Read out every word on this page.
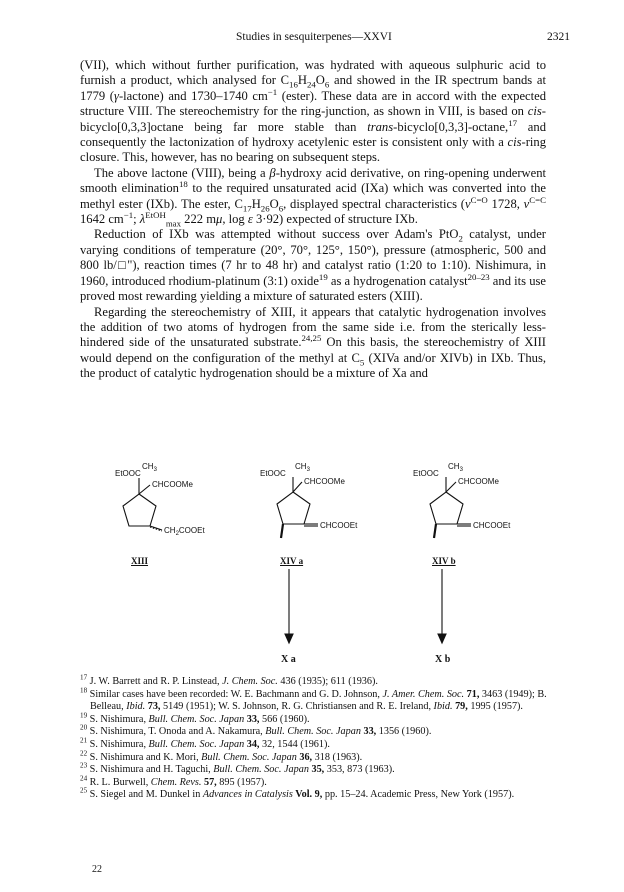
Studies in sesquiterpenes—XXVI	2321

(VII), which without further purification, was hydrated with aqueous sulphuric acid to furnish a product, which analysed for $C_{16}H_{24}O_6$ and showed in the IR spectrum bands at 1779 (γ-lactone) and 1730–1740 $cm^{-1}$ (ester). These data are in accord with the expected structure VIII. The stereochemistry for the ring-junction, as shown in VIII, is based on cis-bicyclo[0,3,3]octane being far more stable than trans-bicyclo[0,3,3]-octane,$^{17}$ and consequently the lactonization of hydroxy acetylenic ester is consistent only with a cis-ring closure. This, however, has no bearing on subsequent steps.

The above lactone (VIII), being a β-hydroxy acid derivative, on ring-opening underwent smooth elimination$^{18}$ to the required unsaturated acid (IXa) which was converted into the methyl ester (IXb). The ester, $C_{17}H_{26}O_6$, displayed spectral characteristics ($\nu^{C=O}$ 1728, $\nu^{C=C}$ 1642 $cm^{-1}$; $\lambda^{EtOH}_{max}$ 222 mμ, log ε 3·92) expected of structure IXb.

Reduction of IXb was attempted without success over Adam's PtO$_2$ catalyst, under varying conditions of temperature (20°, 70°, 125°, 150°), pressure (atmospheric, 500 and 800 lb/□"), reaction times (7 hr to 48 hr) and catalyst ratio (1:20 to 1:10). Nishimura, in 1960, introduced rhodium-platinum (3:1) oxide$^{19}$ as a hydrogenation catalyst$^{20-23}$ and its use proved most rewarding yielding a mixture of saturated esters (XIII).

Regarding the stereochemistry of XIII, it appears that catalytic hydrogenation involves the addition of two atoms of hydrogen from the same side i.e. from the sterically less-hindered side of the unsaturated substrate.$^{24,25}$ On this basis, the stereochemistry of XIII would depend on the configuration of the methyl at $C_5$ (XIVa and/or XIVb) in IXb. Thus, the product of catalytic hydrogenation should be a mixture of Xa and

EtOOC
$CH_3$
CHCOOMe
$CH_2COOEt$
EtOOC
$CH_3$
CHCOOMe
CHCOOEt
EtOOC
$CH_3$
CHCOOMe
CHCOOEt
XIII	XIV a	XIV b
X a	X b

$^{17}$ J. W. Barrett and R. P. Linstead, J. Chem. Soc. 436 (1935); 611 (1936).

$^{18}$ Similar cases have been recorded: W. E. Bachmann and G. D. Johnson, J. Amer. Chem. Soc. 71, 3463 (1949); B. Belleau, Ibid. 73, 5149 (1951); W. S. Johnson, R. G. Christiansen and R. E. Ireland, Ibid. 79, 1995 (1957).

$^{19}$ S. Nishimura, Bull. Chem. Soc. Japan 33, 566 (1960).

$^{20}$ S. Nishimura, T. Onoda and A. Nakamura, Bull. Chem. Soc. Japan 33, 1356 (1960).

$^{21}$ S. Nishimura, Bull. Chem. Soc. Japan 34, 32, 1544 (1961).

$^{22}$ S. Nishimura and K. Mori, Bull. Chem. Soc. Japan 36, 318 (1963).

$^{23}$ S. Nishimura and H. Taguchi, Bull. Chem. Soc. Japan 35, 353, 873 (1963).

$^{24}$ R. L. Burwell, Chem. Revs. 57, 895 (1957).

$^{25}$ S. Siegel and M. Dunkel in Advances in Catalysis Vol. 9, pp. 15–24. Academic Press, New York (1957).

22
